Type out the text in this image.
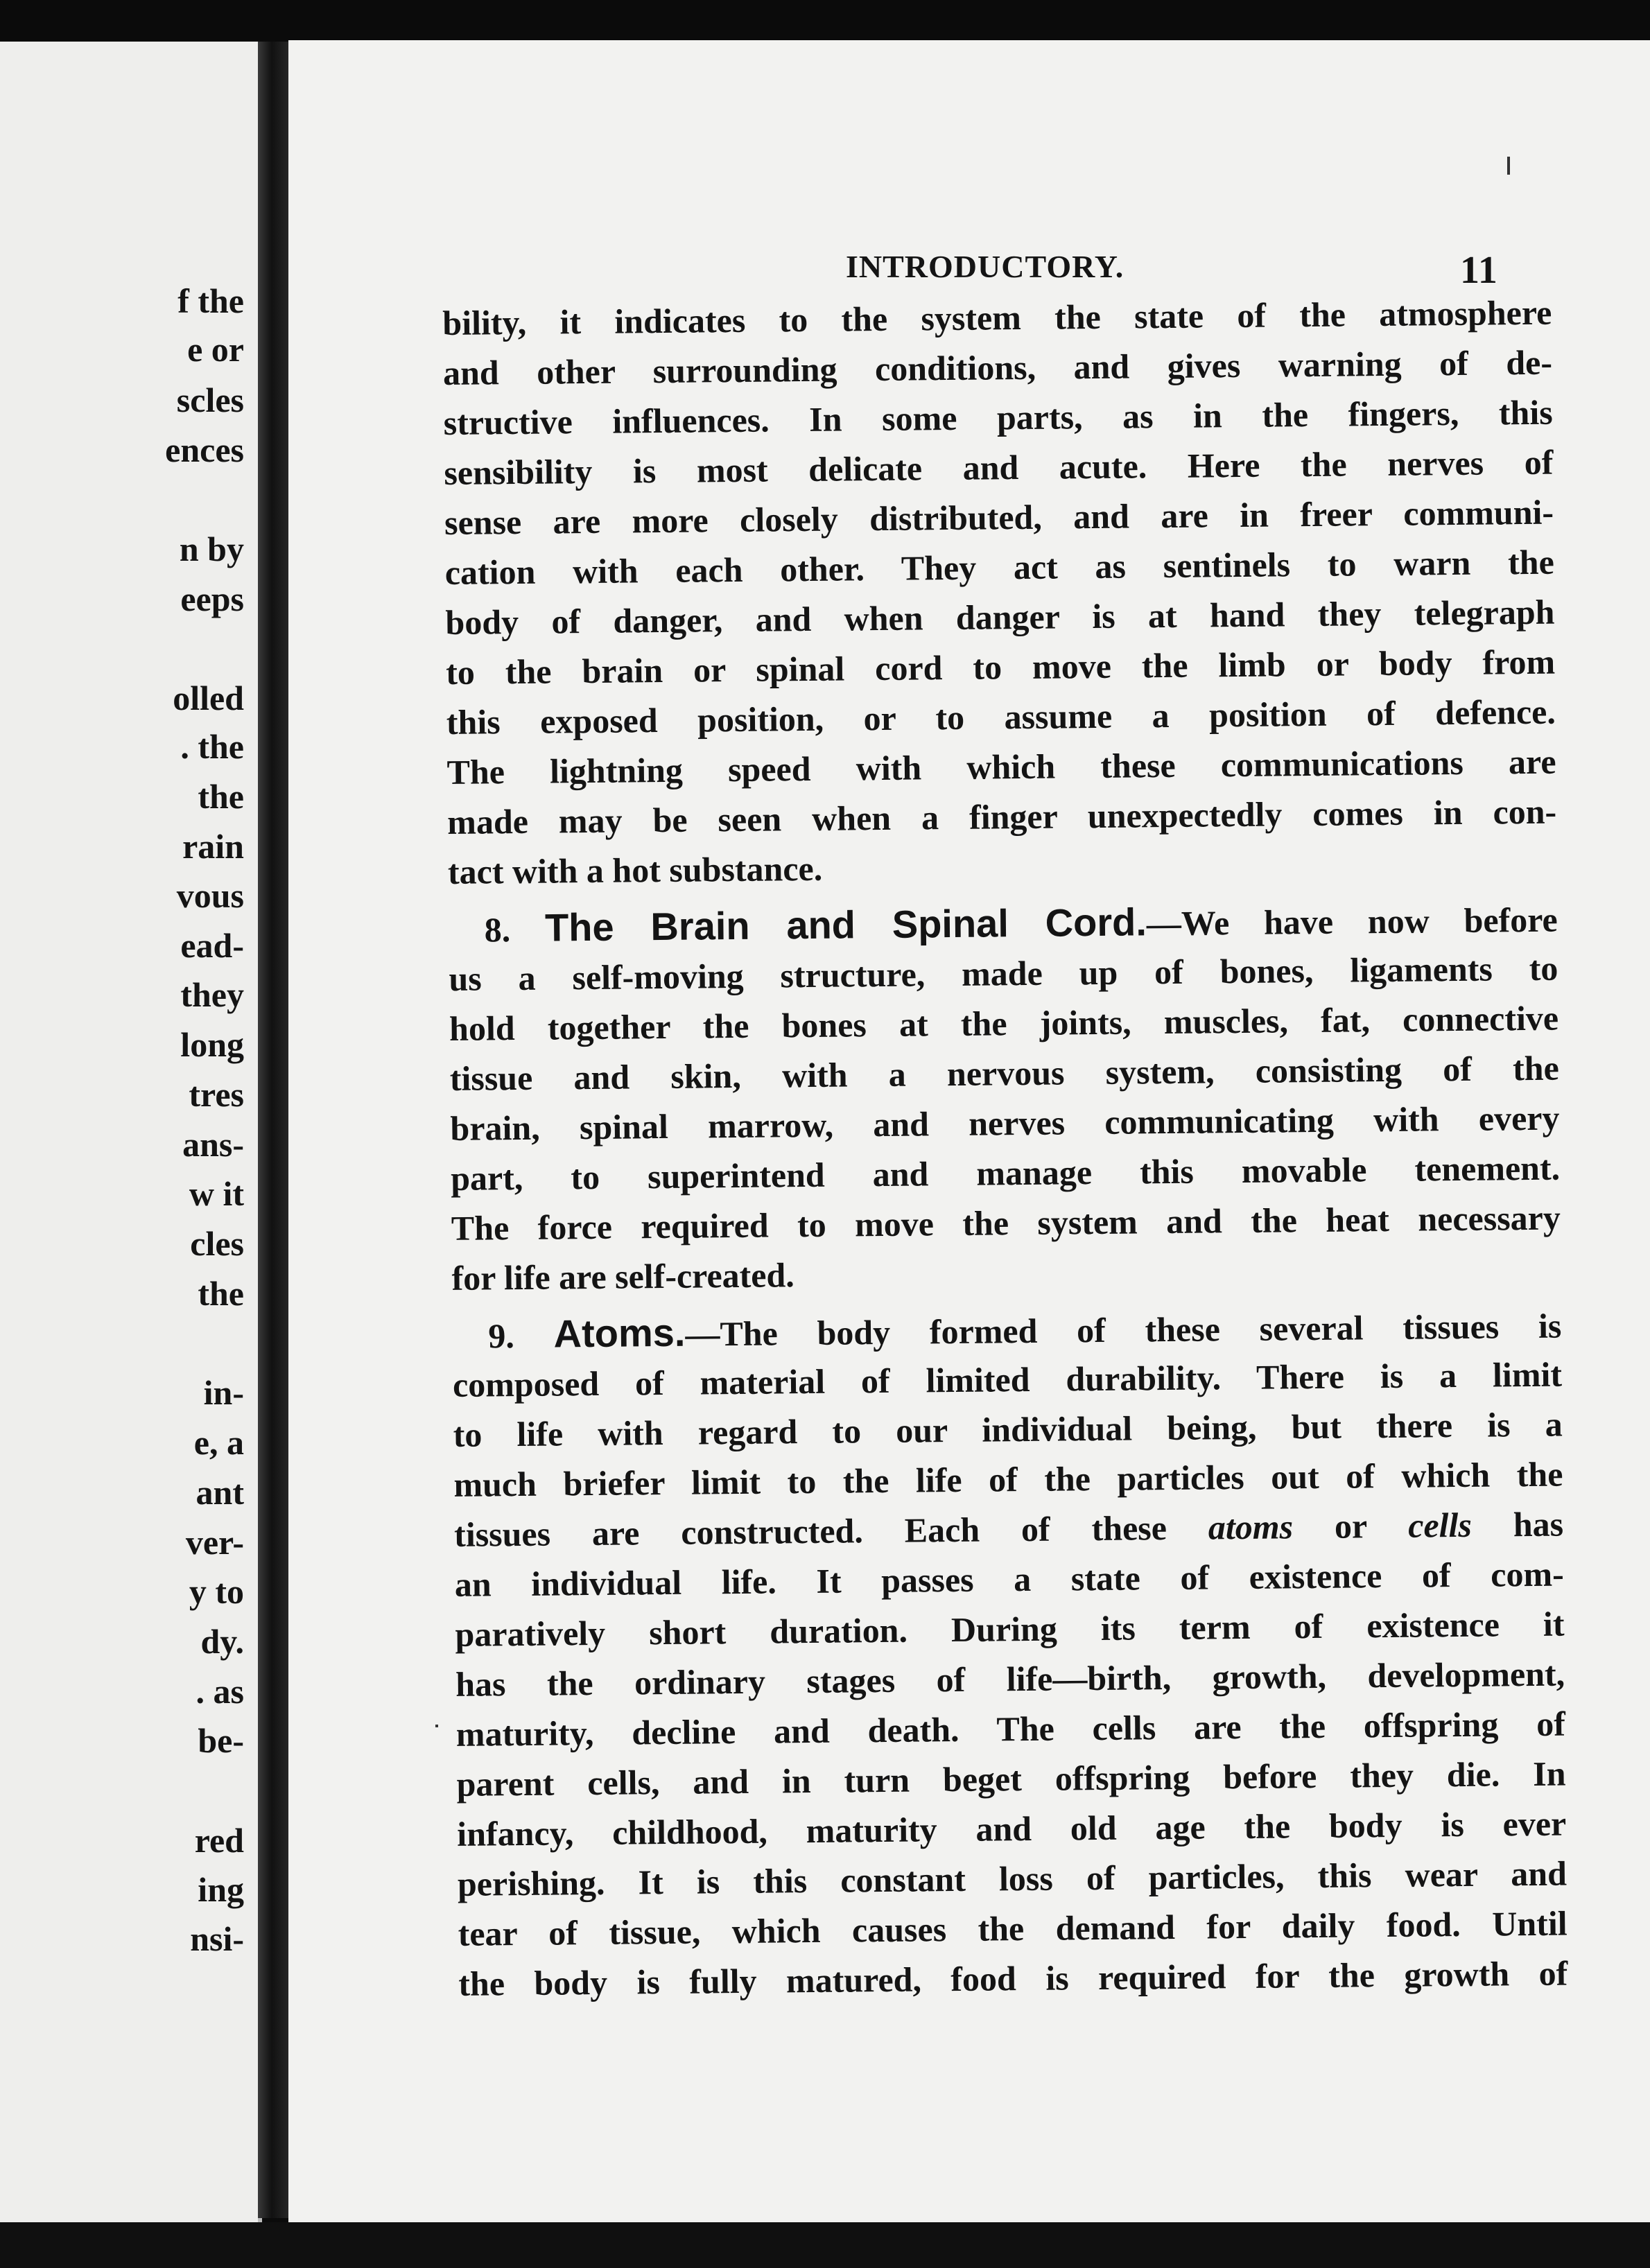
f the
e or
scles
ences
n by
eeps
olled
. the
the
rain
vous
ead-
they
long
tres
ans-
w it
cles
the
in-
e, a
ant
ver-
y to
dy.
. as
be-
red
ing
nsi-
INTRODUCTORY.	11
bility, it indicates to the system the state of the atmosphere
and other surrounding conditions, and gives warning of de-
structive influences. In some parts, as in the fingers, this
sensibility is most delicate and acute. Here the nerves of
sense are more closely distributed, and are in freer communi-
cation with each other. They act as sentinels to warn the
body of danger, and when danger is at hand they telegraph
to the brain or spinal cord to move the limb or body from
this exposed position, or to assume a position of defence.
The lightning speed with which these communications are
made may be seen when a finger unexpectedly comes in con-
tact with a hot substance.
8. The Brain and Spinal Cord.—We have now before
us a self-moving structure, made up of bones, ligaments to
hold together the bones at the joints, muscles, fat, connective
tissue and skin, with a nervous system, consisting of the
brain, spinal marrow, and nerves communicating with every
part, to superintend and manage this movable tenement.
The force required to move the system and the heat necessary
for life are self-created.
9. Atoms.—The body formed of these several tissues is
composed of material of limited durability. There is a limit
to life with regard to our individual being, but there is a
much briefer limit to the life of the particles out of which the
tissues are constructed. Each of these atoms or cells has
an individual life. It passes a state of existence of com-
paratively short duration. During its term of existence it
has the ordinary stages of life—birth, growth, development,
maturity, decline and death. The cells are the offspring of
parent cells, and in turn beget offspring before they die. In
infancy, childhood, maturity and old age the body is ever
perishing. It is this constant loss of particles, this wear and
tear of tissue, which causes the demand for daily food. Until
the body is fully matured, food is required for the growth of
